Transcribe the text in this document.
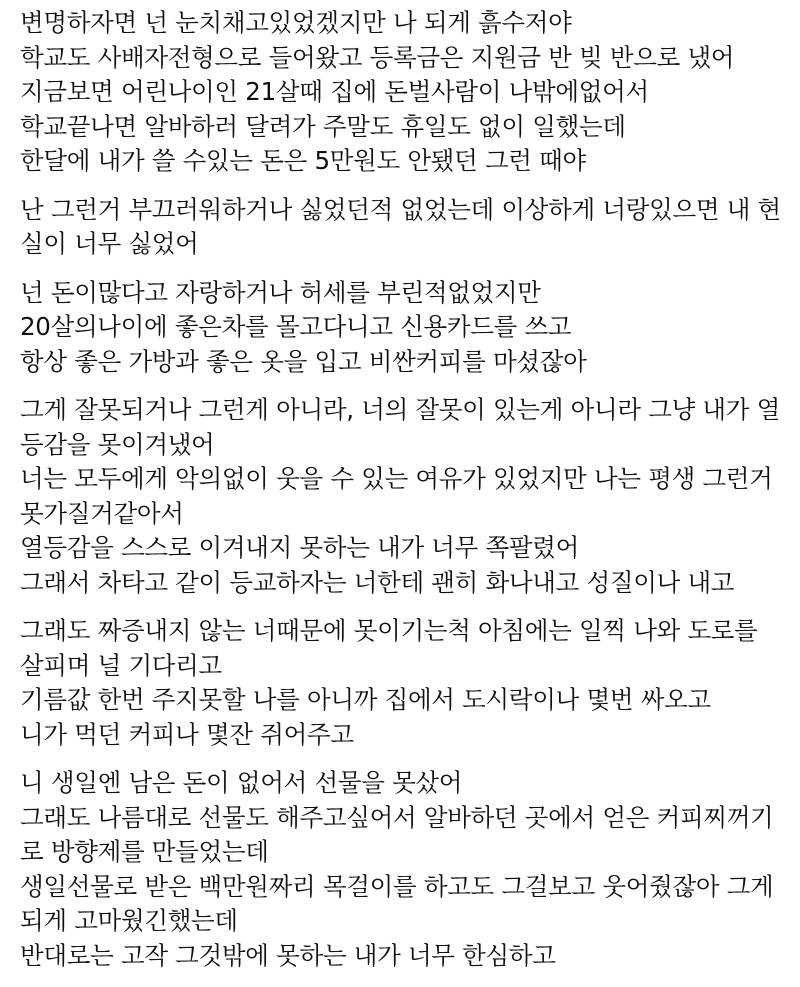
변명하자면 넌 눈치채고있었겠지만 나 되게 흙수저야
학교도 사배자전형으로 들어왔고 등록금은 지원금 반 빚 반으로 냈어
지금보면 어린나이인 21살때 집에 돈벌사람이 나밖에없어서
학교끝나면 알바하러 달려가 주말도 휴일도 없이 일했는데
한달에 내가 쓸 수있는 돈은 5만원도 안됐던 그런 때야
난 그런거 부끄러워하거나 싫었던적 없었는데 이상하게 너랑있으면 내 현
실이 너무 싫었어
넌 돈이많다고 자랑하거나 허세를 부린적없었지만
20살의나이에 좋은차를 몰고다니고 신용카드를 쓰고
항상 좋은 가방과 좋은 옷을 입고 비싼커피를 마셨잖아
그게 잘못되거나 그런게 아니라, 너의 잘못이 있는게 아니라 그냥 내가 열
등감을 못이겨냈어
너는 모두에게 악의없이 웃을 수 있는 여유가 있었지만 나는 평생 그런거
못가질거같아서
열등감을 스스로 이겨내지 못하는 내가 너무 쪽팔렸어
그래서 차타고 같이 등교하자는 너한테 괜히 화나내고 성질이나 내고
그래도 짜증내지 않는 너때문에 못이기는척 아침에는 일찍 나와 도로를
살피며 널 기다리고
기름값 한번 주지못할 나를 아니까 집에서 도시락이나 몇번 싸오고
니가 먹던 커피나 몇잔 쥐어주고
니 생일엔 남은 돈이 없어서 선물을 못샀어
그래도 나름대로 선물도 해주고싶어서 알바하던 곳에서 얻은 커피찌꺼기
로 방향제를 만들었는데
생일선물로 받은 백만원짜리 목걸이를 하고도 그걸보고 웃어줬잖아 그게
되게 고마웠긴했는데
반대로는 고작 그것밖에 못하는 내가 너무 한심하고
